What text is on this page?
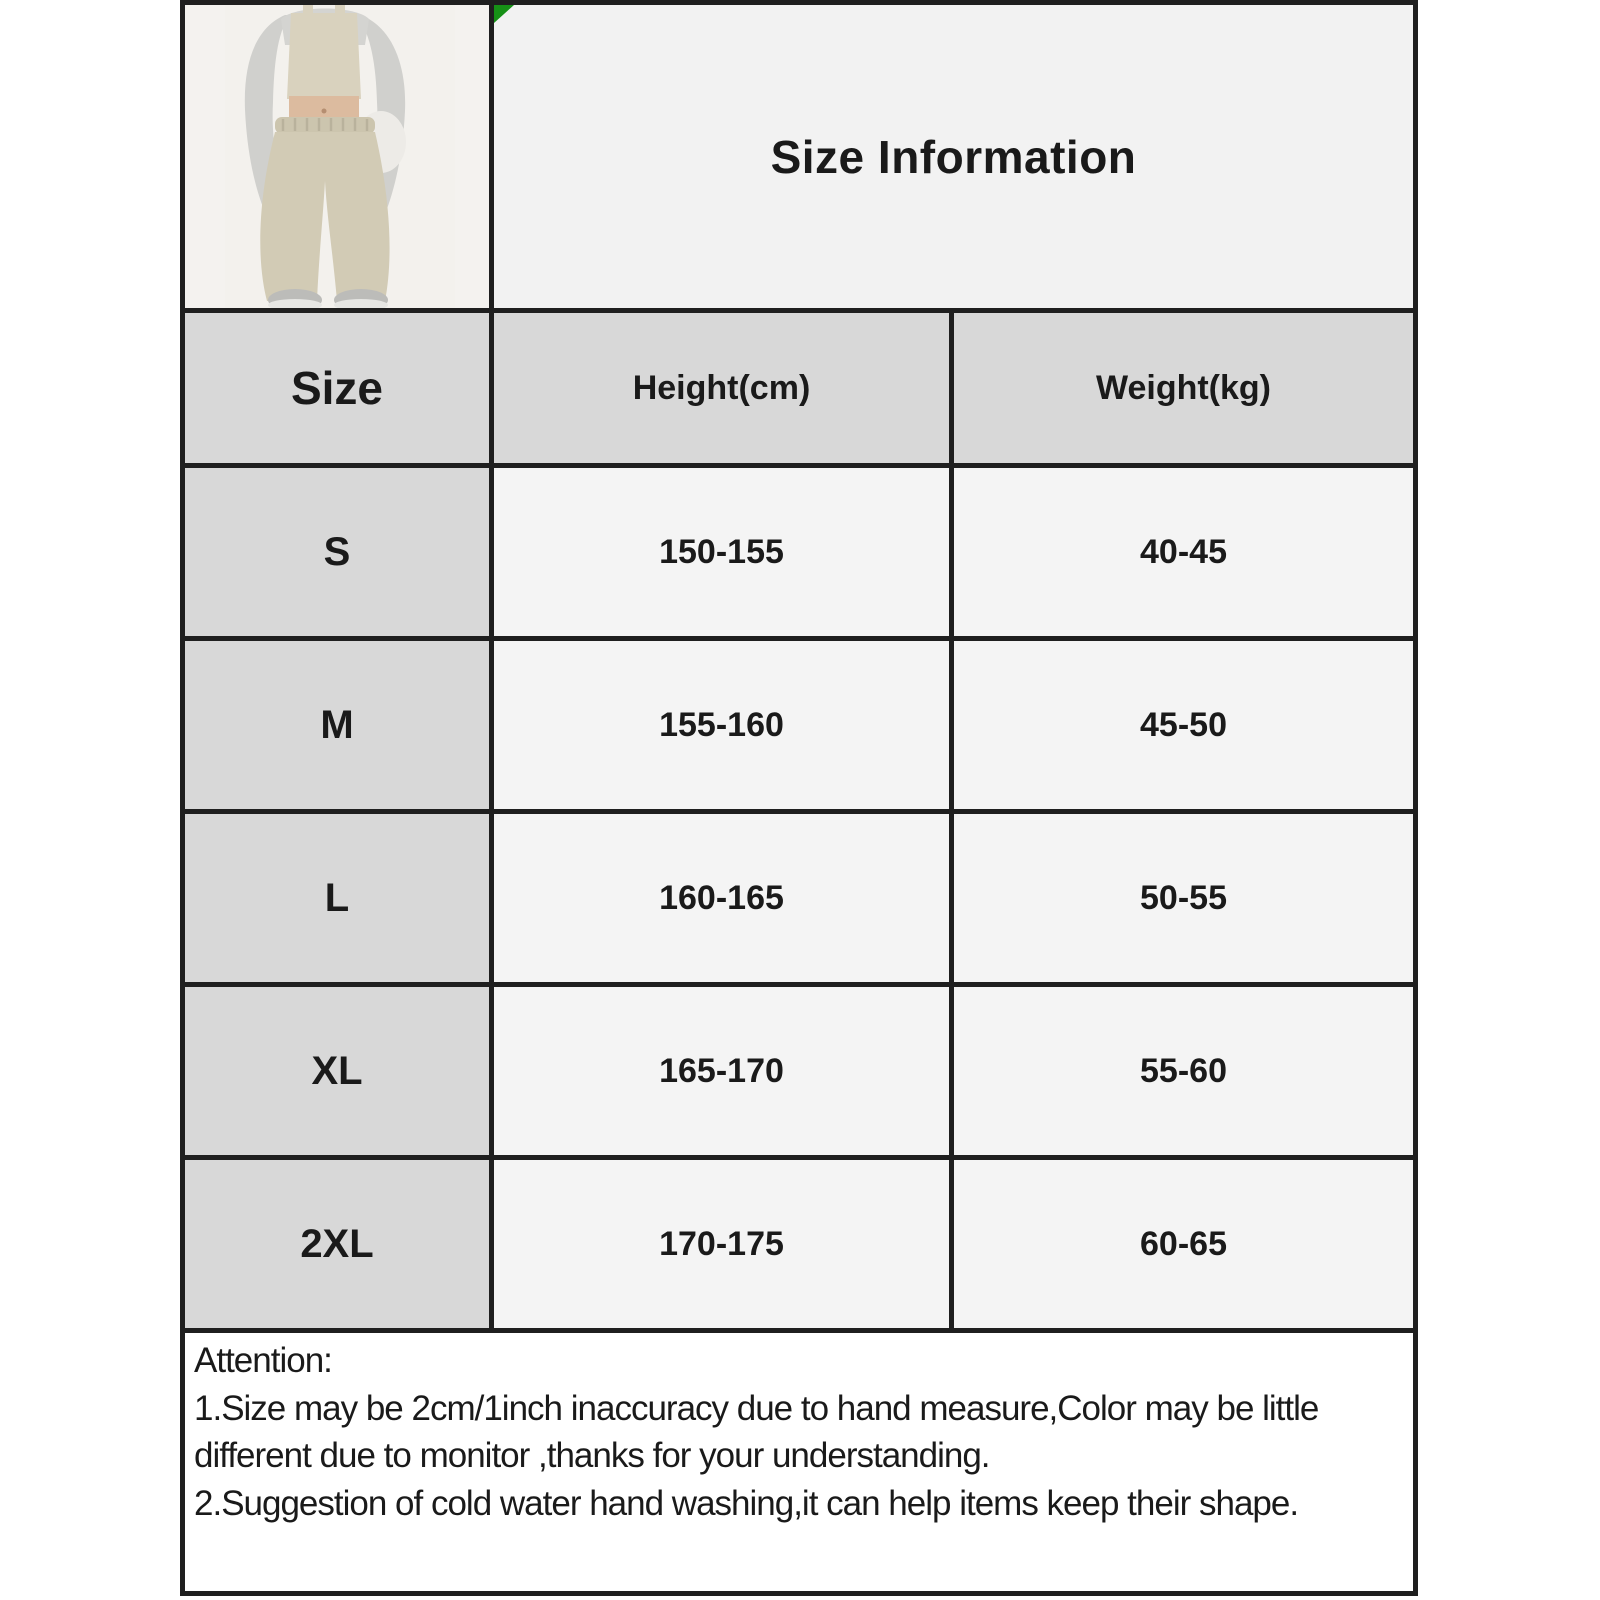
Size Information
Size	Height(cm)	Weight(kg)
S	150-155	40-45
M	155-160	45-50
L	160-165	50-55
XL	165-170	55-60
2XL	170-175	60-65

Attention:

1.Size may be 2cm/1inch inaccuracy due to hand measure,Color may be little different due to monitor ,thanks for your understanding.

2.Suggestion of cold water hand washing,it can help items keep their shape.
